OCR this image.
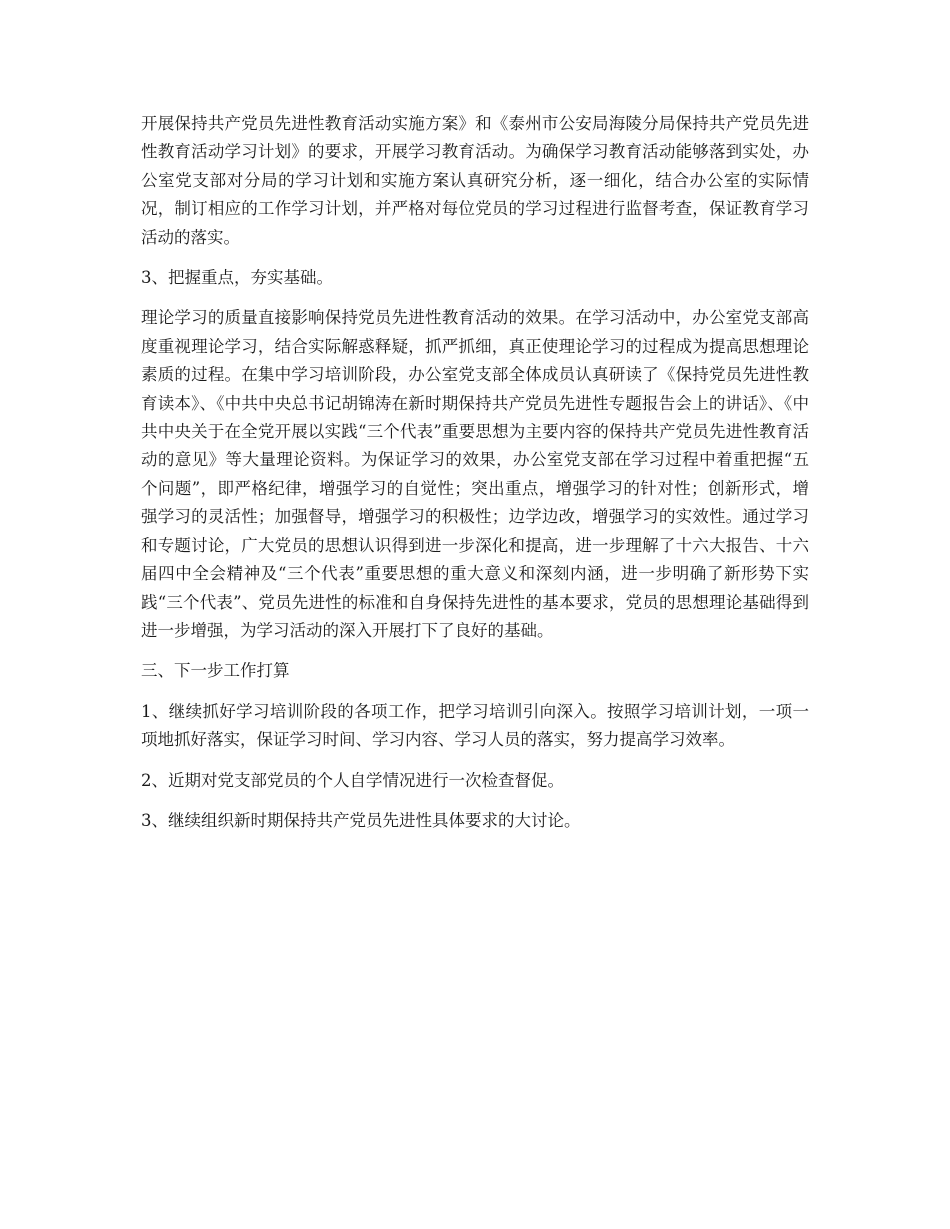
开展保持共产党员先进性教育活动实施方案》和《泰州市公安局海陵分局保持共产党员先进性教育活动学习计划》的要求，开展学习教育活动。为确保学习教育活动能够落到实处，办公室党支部对分局的学习计划和实施方案认真研究分析，逐一细化，结合办公室的实际情况，制订相应的工作学习计划，并严格对每位党员的学习过程进行监督考查，保证教育学习活动的落实。

3、把握重点，夯实基础。

理论学习的质量直接影响保持党员先进性教育活动的效果。在学习活动中，办公室党支部高度重视理论学习，结合实际解惑释疑，抓严抓细，真正使理论学习的过程成为提高思想理论素质的过程。在集中学习培训阶段，办公室党支部全体成员认真研读了《保持党员先进性教育读本》、《中共中央总书记胡锦涛在新时期保持共产党员先进性专题报告会上的讲话》、《中共中央关于在全党开展以实践“三个代表”重要思想为主要内容的保持共产党员先进性教育活动的意见》等大量理论资料。为保证学习的效果，办公室党支部在学习过程中着重把握“五个问题”，即严格纪律，增强学习的自觉性；突出重点，增强学习的针对性；创新形式，增强学习的灵活性；加强督导，增强学习的积极性；边学边改，增强学习的实效性。通过学习和专题讨论，广大党员的思想认识得到进一步深化和提高，进一步理解了十六大报告、十六届四中全会精神及“三个代表”重要思想的重大意义和深刻内涵，进一步明确了新形势下实践“三个代表”、党员先进性的标准和自身保持先进性的基本要求，党员的思想理论基础得到进一步增强，为学习活动的深入开展打下了良好的基础。

三、下一步工作打算

1、继续抓好学习培训阶段的各项工作，把学习培训引向深入。按照学习培训计划，一项一项地抓好落实，保证学习时间、学习内容、学习人员的落实，努力提高学习效率。

2、近期对党支部党员的个人自学情况进行一次检查督促。

3、继续组织新时期保持共产党员先进性具体要求的大讨论。
